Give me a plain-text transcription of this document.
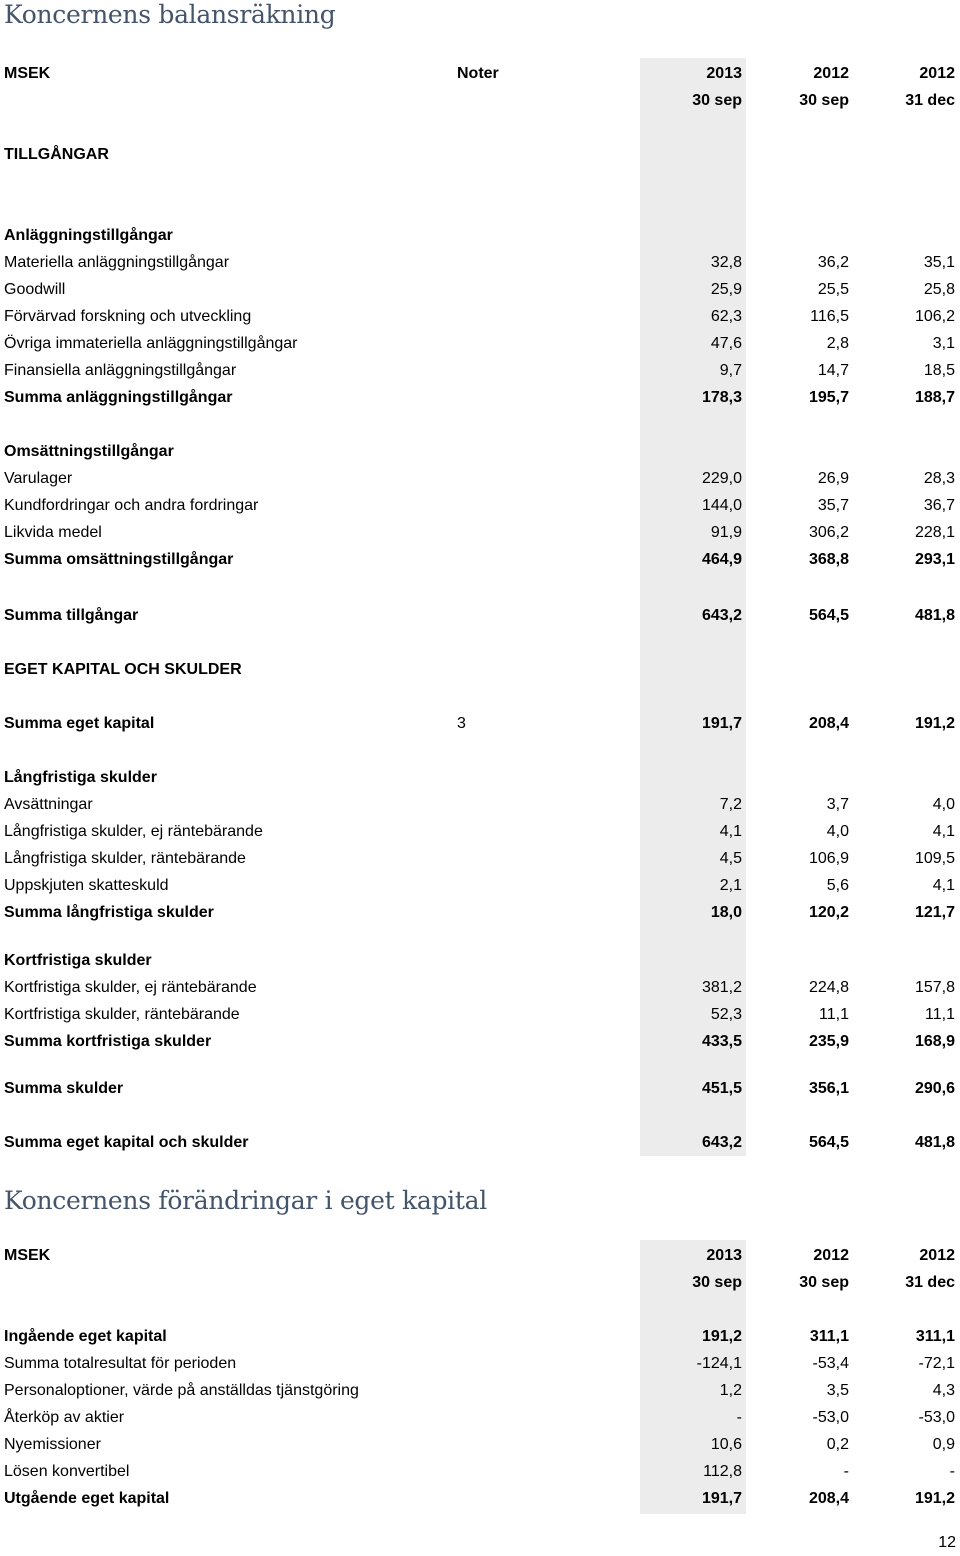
Koncernens balansräkning
MSEK	Noter	2013	2012	2012
30 sep	30 sep	31 dec
TILLGÅNGAR
Anläggningstillgångar
Materiella anläggningstillgångar	32,8	36,2	35,1
Goodwill	25,9	25,5	25,8
Förvärvad forskning och utveckling	62,3	116,5	106,2
Övriga immateriella anläggningstillgångar	47,6	2,8	3,1
Finansiella anläggningstillgångar	9,7	14,7	18,5
Summa anläggningstillgångar	178,3	195,7	188,7
Omsättningstillgångar
Varulager	229,0	26,9	28,3
Kundfordringar och andra fordringar	144,0	35,7	36,7
Likvida medel	91,9	306,2	228,1
Summa omsättningstillgångar	464,9	368,8	293,1
Summa tillgångar	643,2	564,5	481,8
EGET KAPITAL OCH SKULDER
Summa eget kapital	3	191,7	208,4	191,2
Långfristiga skulder
Avsättningar	7,2	3,7	4,0
Långfristiga skulder, ej räntebärande	4,1	4,0	4,1
Långfristiga skulder, räntebärande	4,5	106,9	109,5
Uppskjuten skatteskuld	2,1	5,6	4,1
Summa långfristiga skulder	18,0	120,2	121,7
Kortfristiga skulder
Kortfristiga skulder, ej räntebärande	381,2	224,8	157,8
Kortfristiga skulder, räntebärande	52,3	11,1	11,1
Summa kortfristiga skulder	433,5	235,9	168,9
Summa skulder	451,5	356,1	290,6
Summa eget kapital och skulder	643,2	564,5	481,8
Koncernens förändringar i eget kapital
MSEK	2013	2012	2012
30 sep	30 sep	31 dec
Ingående eget kapital	191,2	311,1	311,1
Summa totalresultat för perioden	-124,1	-53,4	-72,1
Personaloptioner, värde på anställdas tjänstgöring	1,2	3,5	4,3
Återköp av aktier	-	-53,0	-53,0
Nyemissioner	10,6	0,2	0,9
Lösen konvertibel	112,8	-	-
Utgående eget kapital	191,7	208,4	191,2
12
